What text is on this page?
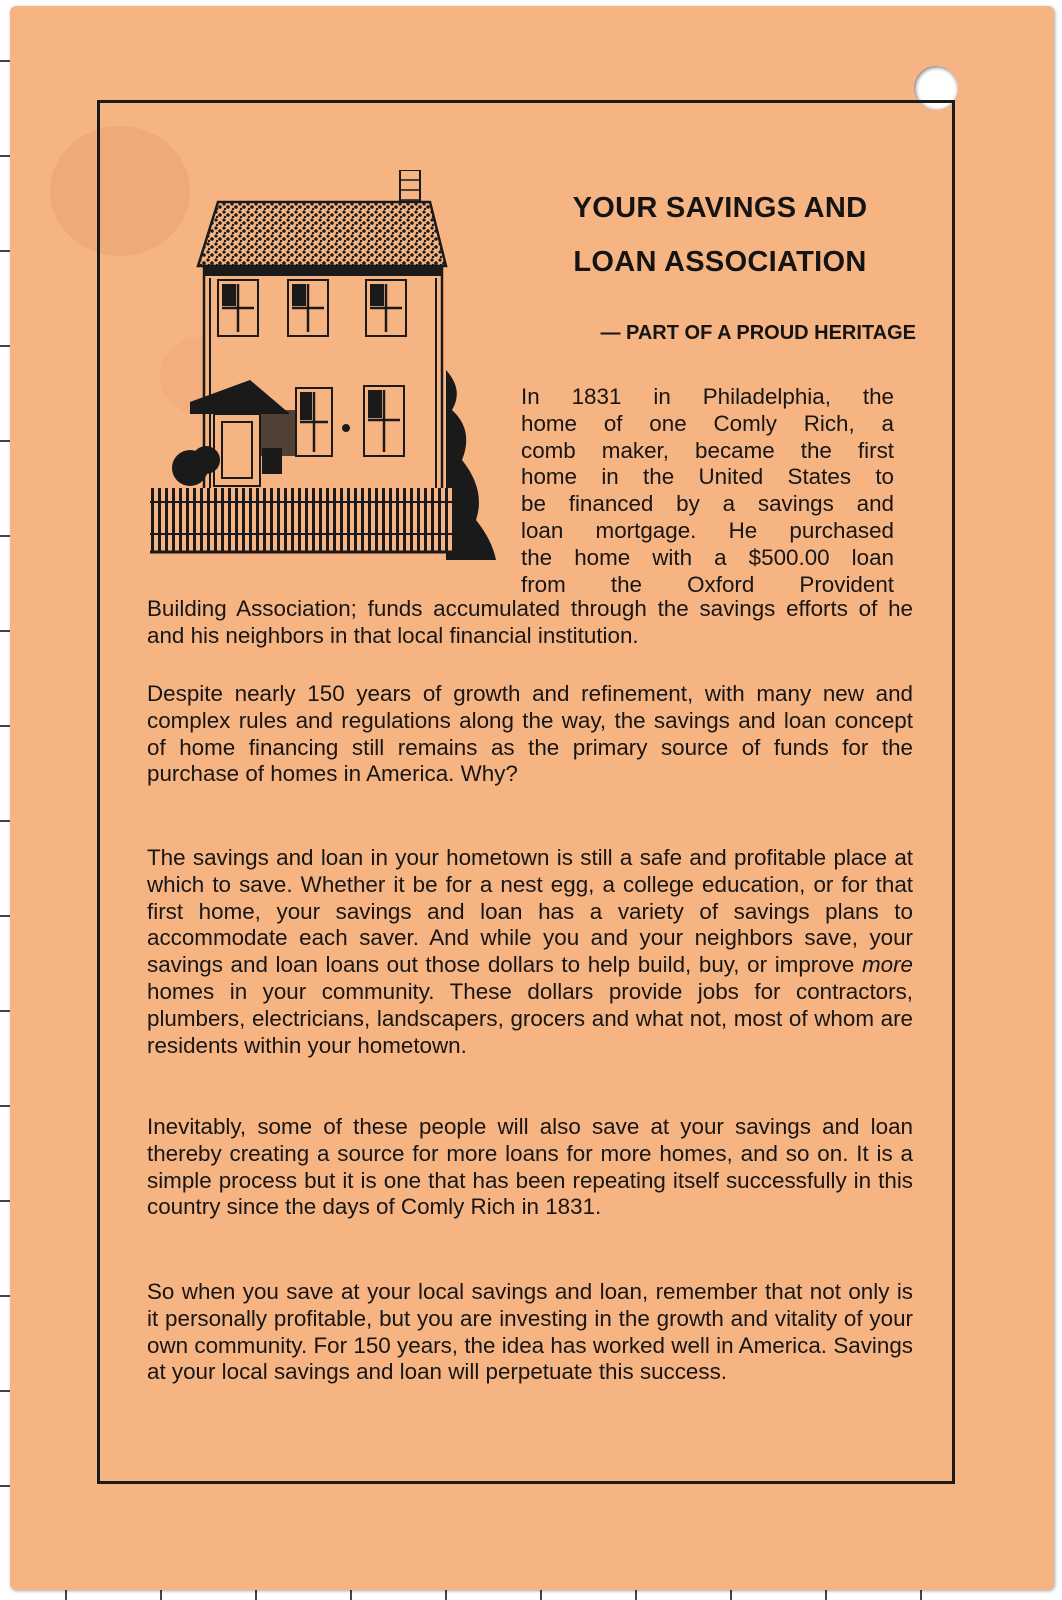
YOUR SAVINGS AND
LOAN ASSOCIATION
— PART OF A PROUD HERITAGE
In 1831 in Philadelphia, the
home of one Comly Rich, a
comb maker, became the first
home in the United States to
be financed by a savings and
loan mortgage. He purchased
the home with a $500.00 loan
from the Oxford Provident

Building Association; funds accumulated through the savings efforts of he and his neighbors in that local financial institution.

Despite nearly 150 years of growth and refinement, with many new and complex rules and regulations along the way, the savings and loan concept of home financing still remains as the primary source of funds for the purchase of homes in America. Why?

The savings and loan in your hometown is still a safe and profitable place at which to save. Whether it be for a nest egg, a college education, or for that first home, your savings and loan has a variety of savings plans to accommodate each saver. And while you and your neighbors save, your savings and loan loans out those dollars to help build, buy, or improve more homes in your community. These dollars provide jobs for contractors, plumbers, electricians, landscapers, grocers and what not, most of whom are residents within your hometown.

Inevitably, some of these people will also save at your savings and loan thereby creating a source for more loans for more homes, and so on. It is a simple process but it is one that has been repeating itself successfully in this country since the days of Comly Rich in 1831.

So when you save at your local savings and loan, remember that not only is it personally profitable, but you are investing in the growth and vitality of your own community. For 150 years, the idea has worked well in America. Savings at your local savings and loan will perpetuate this success.
